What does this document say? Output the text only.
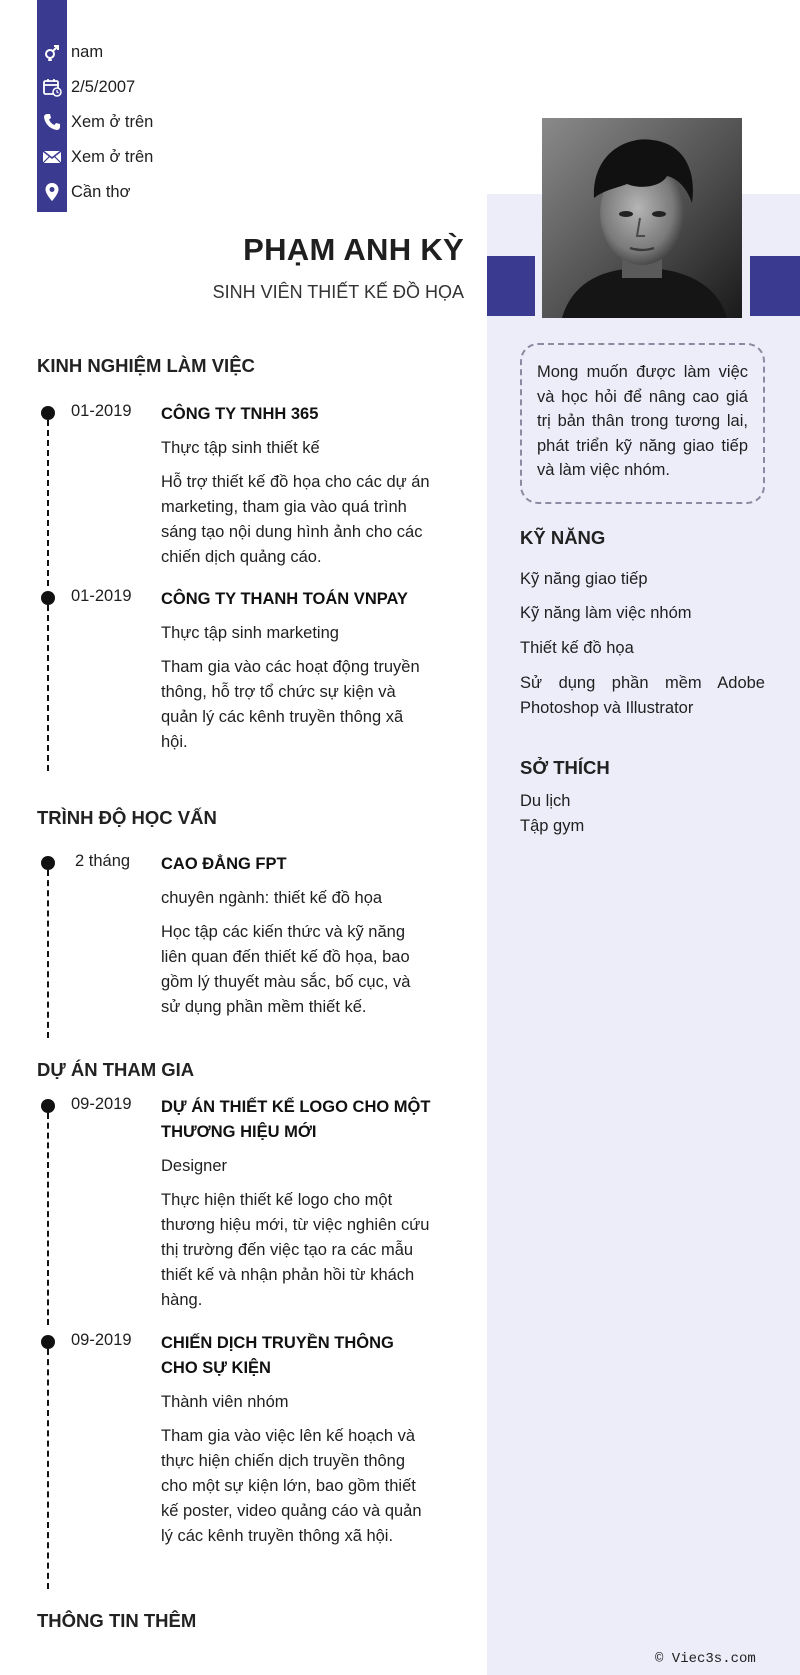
nam
2/5/2007
Xem ở trên
Xem ở trên
Cần thơ
PHẠM ANH KỲ
SINH VIÊN THIẾT KẾ ĐỒ HỌA
KINH NGHIỆM LÀM VIỆC
01-2019 CÔNG TY TNHH 365
Thực tập sinh thiết kế
Hỗ trợ thiết kế đồ họa cho các dự án marketing, tham gia vào quá trình sáng tạo nội dung hình ảnh cho các chiến dịch quảng cáo.
01-2019 CÔNG TY THANH TOÁN VNPAY
Thực tập sinh marketing
Tham gia vào các hoạt động truyền thông, hỗ trợ tổ chức sự kiện và quản lý các kênh truyền thông xã hội.
TRÌNH ĐỘ HỌC VẤN
2 tháng CAO ĐẲNG FPT
chuyên ngành: thiết kế đồ họa
Học tập các kiến thức và kỹ năng liên quan đến thiết kế đồ họa, bao gồm lý thuyết màu sắc, bố cục, và sử dụng phần mềm thiết kế.
DỰ ÁN THAM GIA
09-2019 DỰ ÁN THIẾT KẾ LOGO CHO MỘT THƯƠNG HIỆU MỚI
Designer
Thực hiện thiết kế logo cho một thương hiệu mới, từ việc nghiên cứu thị trường đến việc tạo ra các mẫu thiết kế và nhận phản hồi từ khách hàng.
09-2019 CHIẾN DỊCH TRUYỀN THÔNG CHO SỰ KIỆN
Thành viên nhóm
Tham gia vào việc lên kế hoạch và thực hiện chiến dịch truyền thông cho một sự kiện lớn, bao gồm thiết kế poster, video quảng cáo và quản lý các kênh truyền thông xã hội.
THÔNG TIN THÊM
Mong muốn được làm việc và học hỏi để nâng cao giá trị bản thân trong tương lai, phát triển kỹ năng giao tiếp và làm việc nhóm.
KỸ NĂNG
Kỹ năng giao tiếp
Kỹ năng làm việc nhóm
Thiết kế đồ họa
Sử dụng phần mềm Adobe Photoshop và Illustrator
SỞ THÍCH
Du lịch
Tập gym
© Viec3s.com
